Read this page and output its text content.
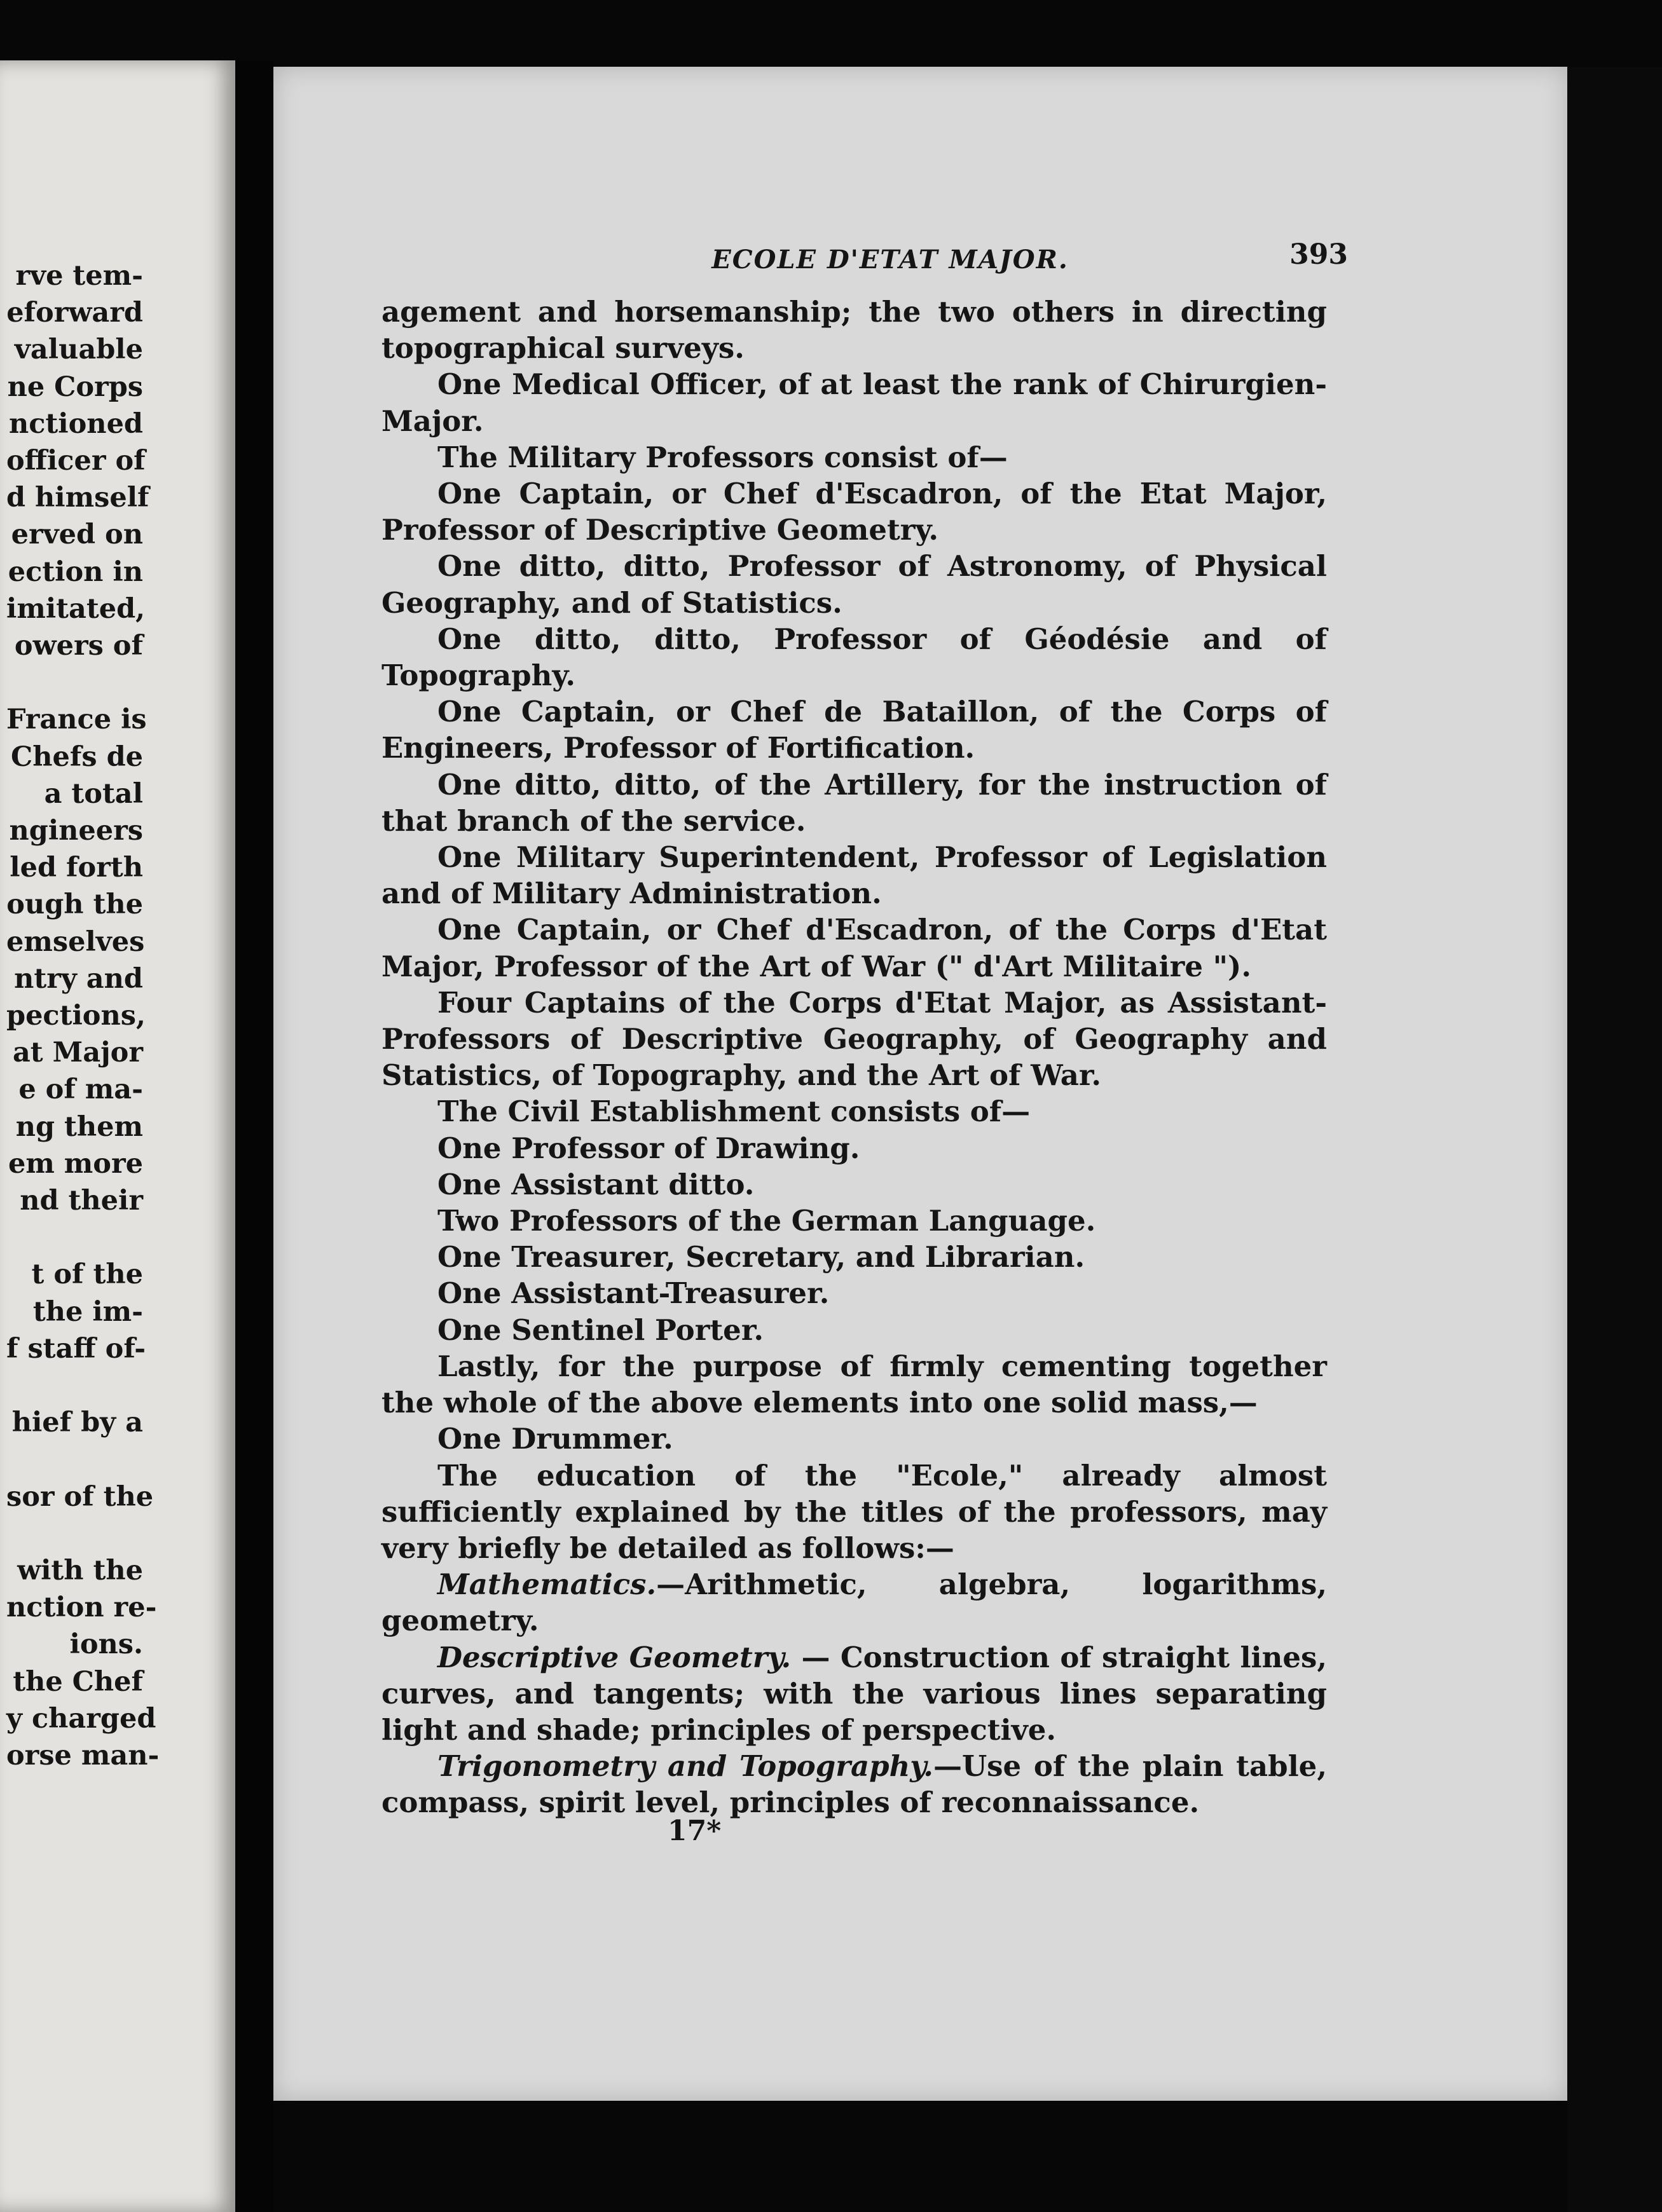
rve tem-
eforward
valuable
ne Corps
nctioned
officer of
d himself
erved on
ection in
imitated,
owers of
France is
Chefs de
a total
ngineers
led forth
ough the
emselves
ntry and
pections,
at Major
e of ma-
ng them
em more
nd their
t of the
the im-
f staff of-
hief by a
sor of the
with the
nction re-
ions.
the Chef
y charged
orse man-
ECOLE D'ETAT MAJOR.	393

agement and horsemanship; the two others in directing topographical surveys.

One Medical Officer, of at least the rank of Chirurgien-Major.

The Military Professors consist of—

One Captain, or Chef d'Escadron, of the Etat Major, Professor of Descriptive Geometry.

One ditto, ditto, Professor of Astronomy, of Physical Geography, and of Statistics.

One ditto, ditto, Professor of Géodésie and of Topography.

One Captain, or Chef de Bataillon, of the Corps of Engineers, Professor of Fortification.

One ditto, ditto, of the Artillery, for the instruction of that branch of the service.

One Military Superintendent, Professor of Legislation and of Military Administration.

One Captain, or Chef d'Escadron, of the Corps d'Etat Major, Professor of the Art of War (" d'Art Militaire ").

Four Captains of the Corps d'Etat Major, as Assistant-Professors of Descriptive Geography, of Geography and Statistics, of Topography, and the Art of War.

The Civil Establishment consists of—

One Professor of Drawing.

One Assistant ditto.

Two Professors of the German Language.

One Treasurer, Secretary, and Librarian.

One Assistant-Treasurer.

One Sentinel Porter.

Lastly, for the purpose of firmly cementing together the whole of the above elements into one solid mass,—

One Drummer.

The education of the "Ecole," already almost sufficiently explained by the titles of the professors, may very briefly be detailed as follows:—

Mathematics.—Arithmetic, algebra, logarithms, geometry.

Descriptive Geometry. — Construction of straight lines, curves, and tangents; with the various lines separating light and shade; principles of perspective.

Trigonometry and Topography.—Use of the plain table, compass, spirit level, principles of reconnaissance.

17*
